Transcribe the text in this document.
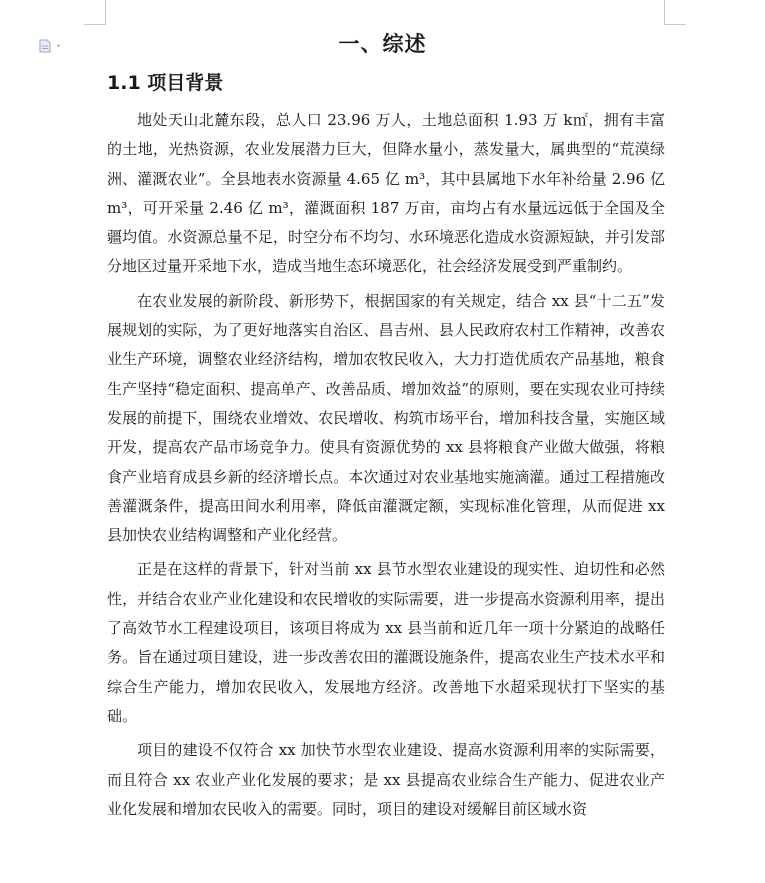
一、综述
1.1 项目背景

地处天山北麓东段，总人口 23.96 万人，土地总面积 1.93 万 k㎡，拥有丰富的土地，光热资源，农业发展潜力巨大，但降水量小，蒸发量大，属典型的“荒漠绿洲、灌溉农业”。全县地表水资源量 4.65 亿 m³，其中县属地下水年补给量 2.96 亿 m³，可开采量 2.46 亿 m³，灌溉面积 187 万亩，亩均占有水量远远低于全国及全疆均值。水资源总量不足，时空分布不均匀、水环境恶化造成水资源短缺，并引发部分地区过量开采地下水，造成当地生态环境恶化，社会经济发展受到严重制约。

在农业发展的新阶段、新形势下，根据国家的有关规定，结合 xx 县“十二五”发展规划的实际，为了更好地落实自治区、昌吉州、县人民政府农村工作精神，改善农业生产环境，调整农业经济结构，增加农牧民收入，大力打造优质农产品基地，粮食生产坚持“稳定面积、提高单产、改善品质、增加效益”的原则，要在实现农业可持续发展的前提下，围绕农业增效、农民增收、构筑市场平台，增加科技含量，实施区域开发，提高农产品市场竞争力。使具有资源优势的 xx 县将粮食产业做大做强，将粮食产业培育成县乡新的经济增长点。本次通过对农业基地实施滴灌。通过工程措施改善灌溉条件，提高田间水利用率，降低亩灌溉定额，实现标准化管理，从而促进 xx 县加快农业结构调整和产业化经营。

正是在这样的背景下，针对当前 xx 县节水型农业建设的现实性、迫切性和必然性，并结合农业产业化建设和农民增收的实际需要，进一步提高水资源利用率，提出了高效节水工程建设项目，该项目将成为 xx 县当前和近几年一项十分紧迫的战略任务。旨在通过项目建设，进一步改善农田的灌溉设施条件，提高农业生产技术水平和综合生产能力，增加农民收入，发展地方经济。改善地下水超采现状打下坚实的基础。

项目的建设不仅符合 xx 加快节水型农业建设、提高水资源利用率的实际需要，而且符合 xx 农业产业化发展的要求；是 xx 县提高农业综合生产能力、促进农业产业化发展和增加农民收入的需要。同时，项目的建设对缓解目前区域水资
